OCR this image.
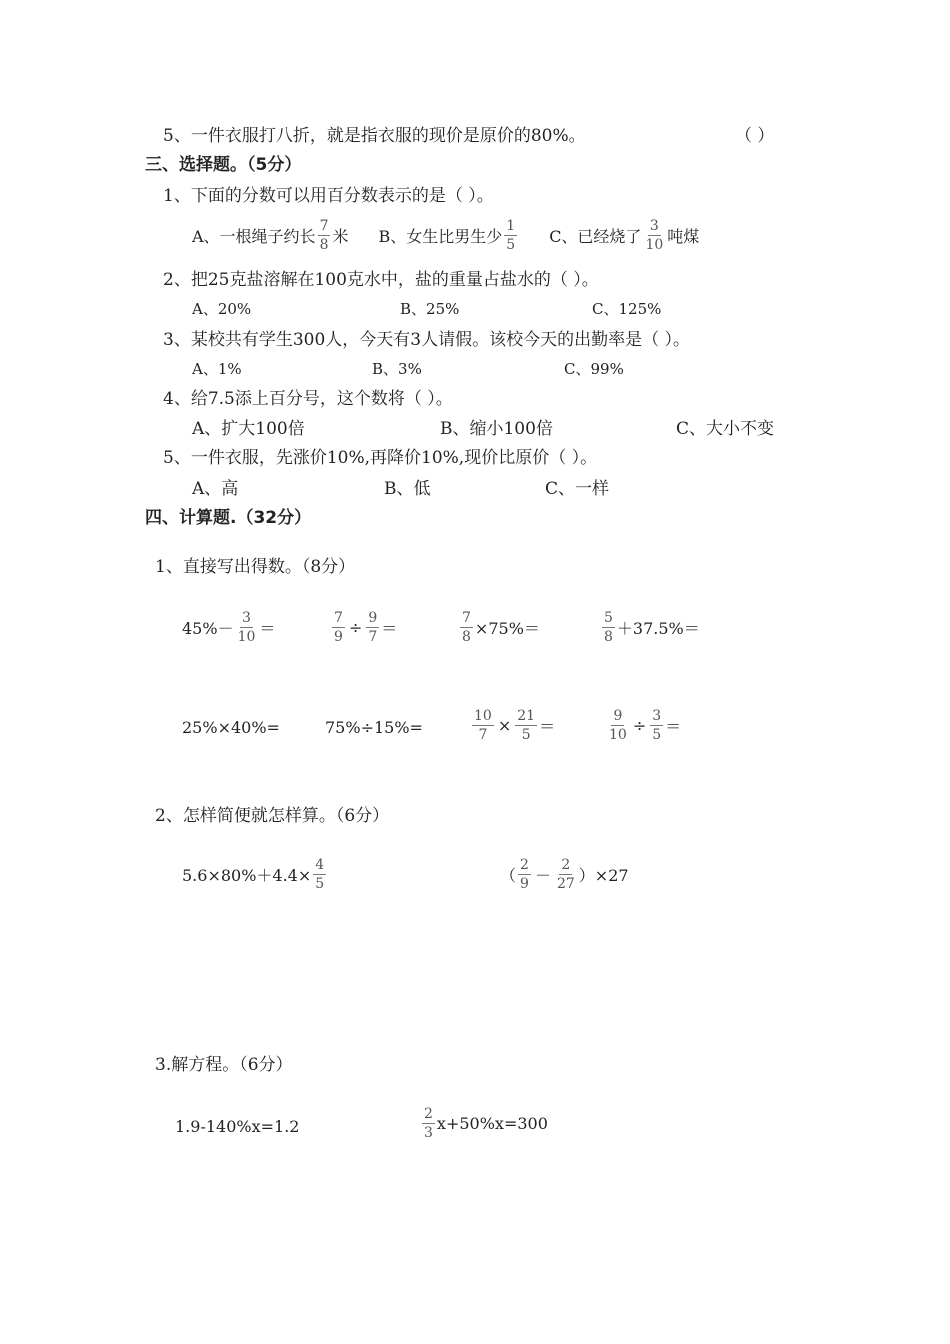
5、一件衣服打八折，就是指衣服的现价是原价的80%。	（ ）
三、选择题。（5分）
1、下面的分数可以用百分数表示的是（ ）。
A、一根绳子约长 $\frac{7}{8}$ 米 B、女生比男生少 $\frac{1}{5}$ C、已经烧了 $\frac{3}{10}$ 吨煤
2、把25克盐溶解在100克水中，盐的重量占盐水的（ ）。
A、20%	B、25%	C、125%
3、某校共有学生300人，今天有3人请假。该校今天的出勤率是（ ）。
A、1%	B、3%	C、99%
4、给7.5添上百分号，这个数将（ ）。
A、扩大100倍	B、缩小100倍	C、大小不变
5、一件衣服，先涨价10%,再降价10%,现价比原价（ ）。
A、高	B、低	C、一样
四、计算题.（32分）
1、直接写出得数。（8分）
$45\%- \frac{3}{10}$ ＝	$\frac{7}{9} \div \frac{9}{7}$ ＝	$\frac{7}{8} \times 75\%=$	$\frac{5}{8} +37.5\%=$
25%×40%=	75%÷15%=	$\frac{10}{7} \times \frac{21}{5}$ ＝	$\frac{9}{10} \div \frac{3}{5}$ ＝
2、怎样简便就怎样算。（6分）
$5.6\times 80\%+4.4\times \frac{4}{5}$	（ $\frac{2}{9} - \frac{2}{27} )\times 27$
3.解方程。（6分）
1.9-140%x=1.2	$\frac{2}{3} x+50\%x=300$
